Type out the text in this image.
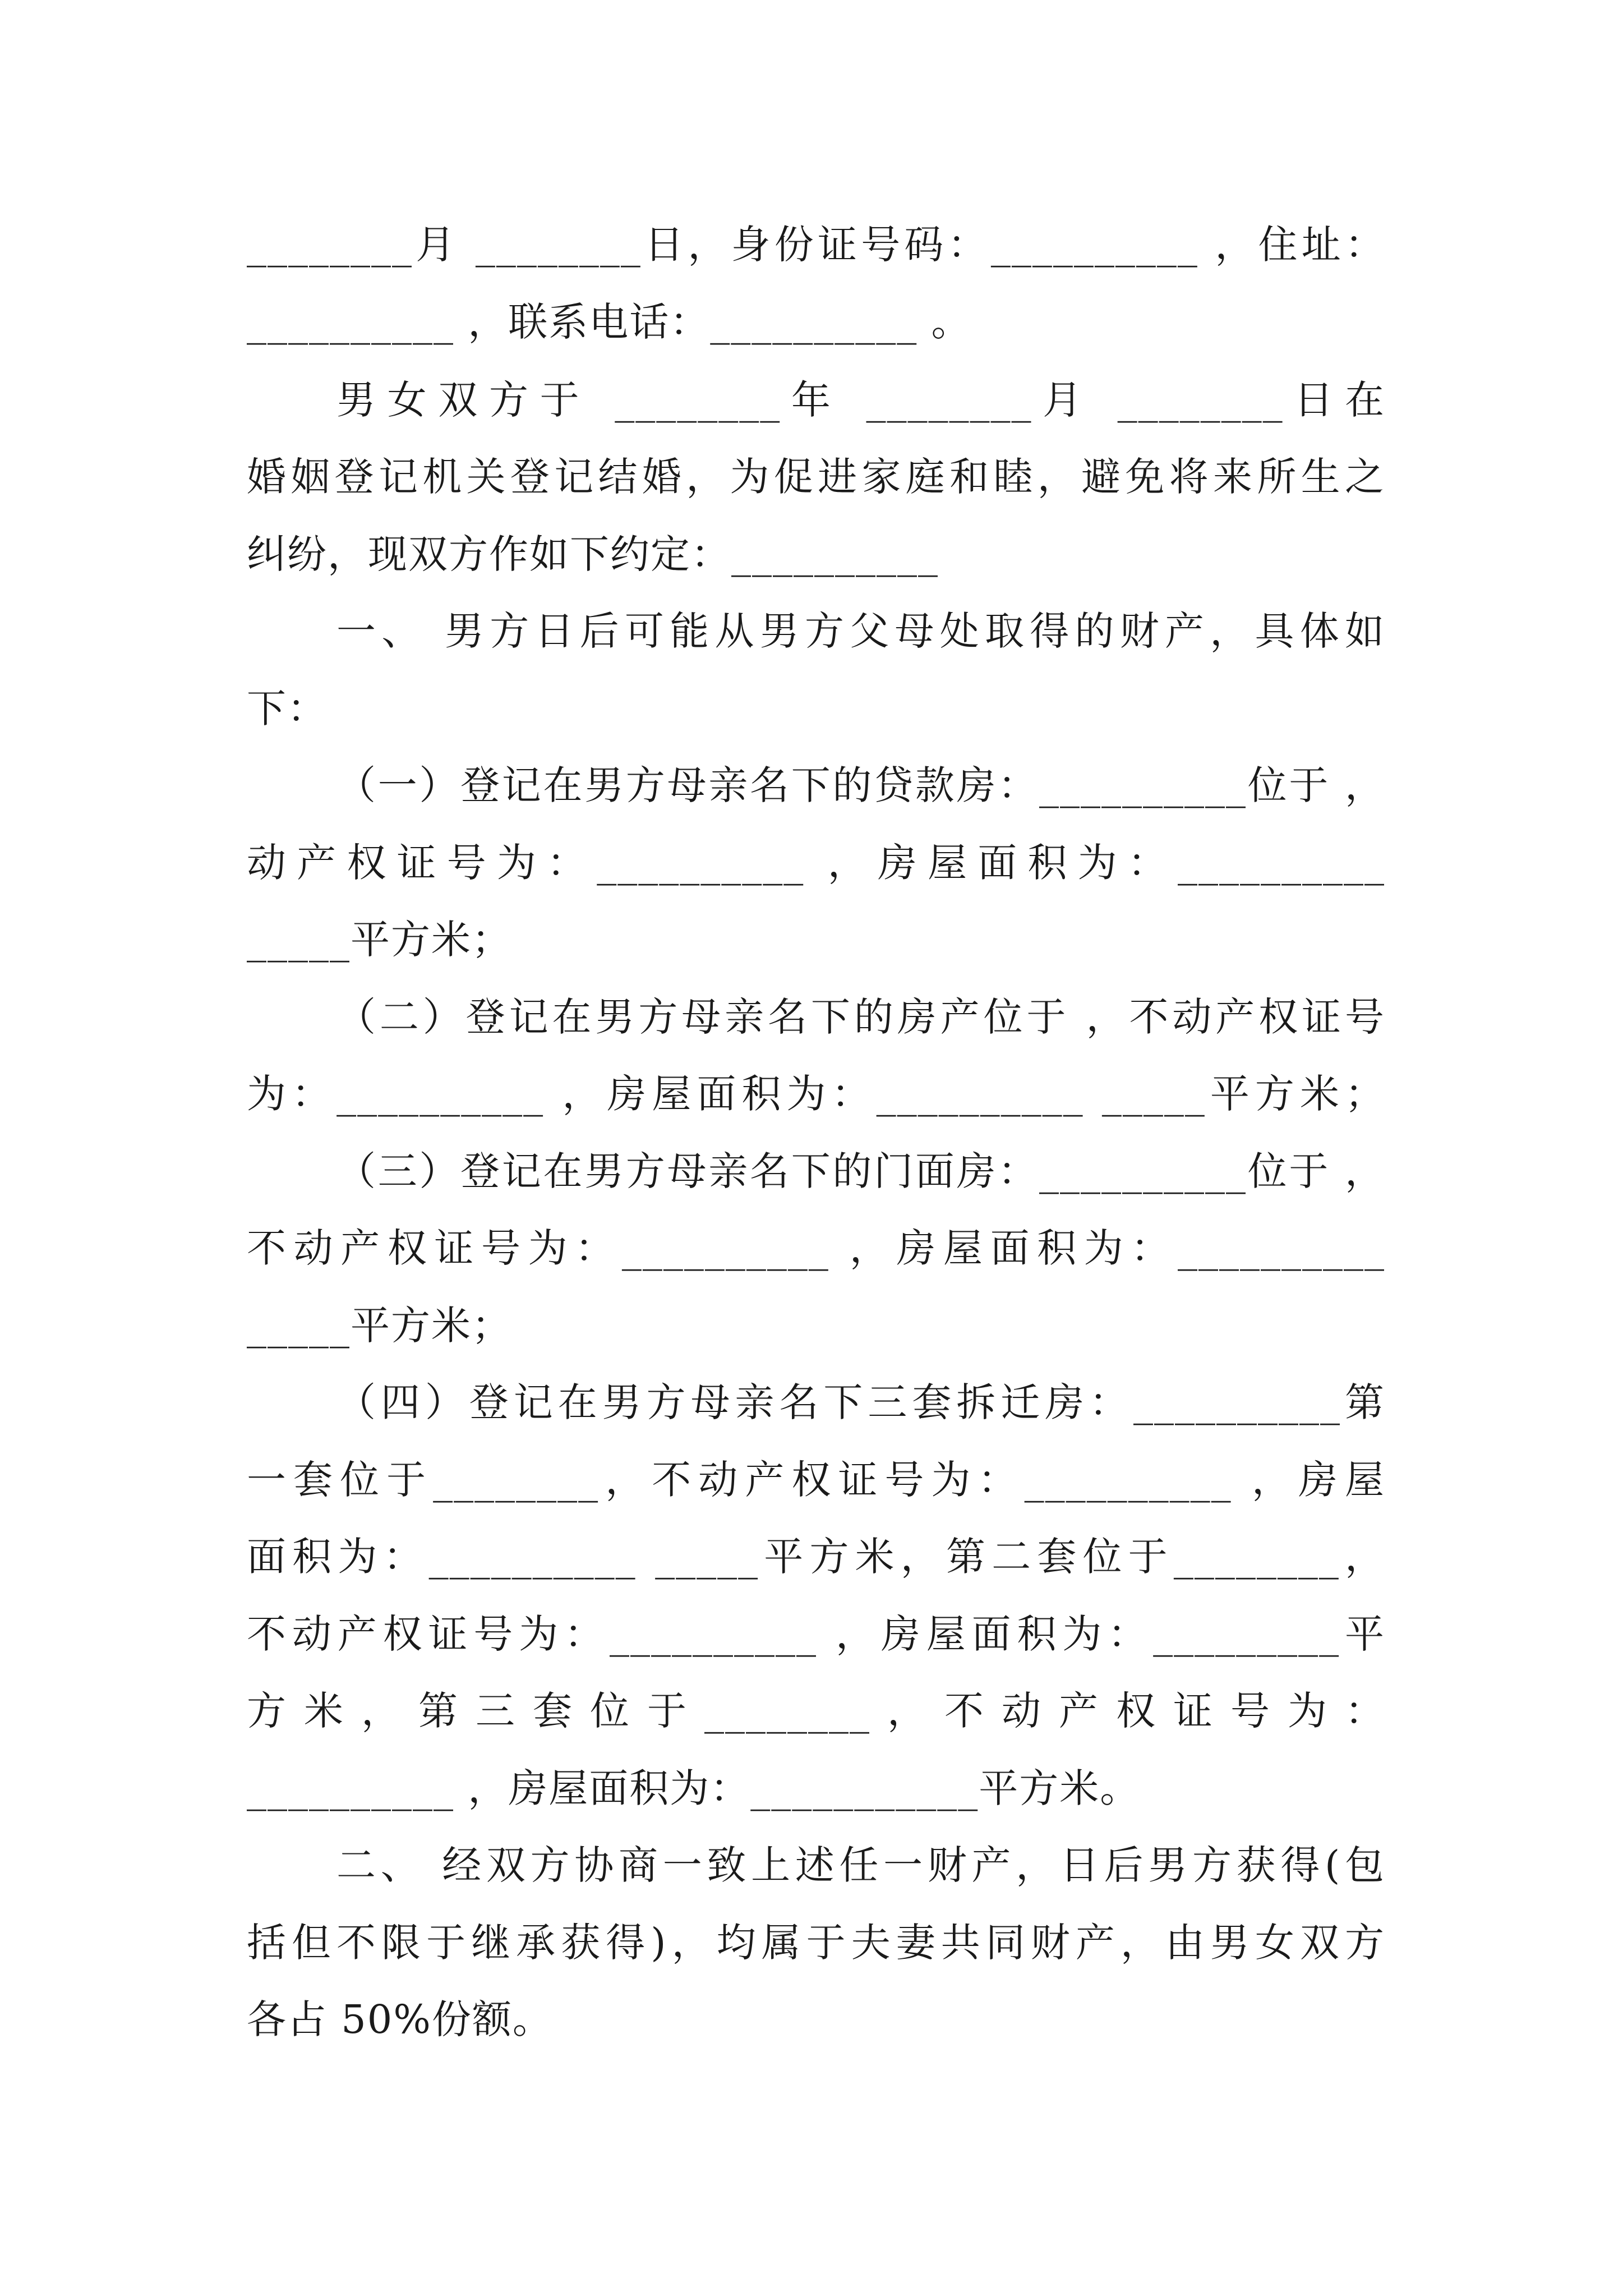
________月 ________日，身份证号码：__________ ，住址：
__________ ，联系电话：__________ 。
男女双方于 ________年 ________月 ________日在
婚姻登记机关登记结婚，为促进家庭和睦，避免将来所生之
纠纷，现双方作如下约定：__________
一、 男方日后可能从男方父母处取得的财产，具体如
下：
（一）登记在男方母亲名下的贷款房：__________位于 ，
动产权证号为：__________ ，房屋面积为：__________
_____平方米；
（二）登记在男方母亲名下的房产位于 ，不动产权证号
为：__________ ，房屋面积为：__________ _____平方米；
（三）登记在男方母亲名下的门面房：__________位于 ，
不动产权证号为：__________ ，房屋面积为：__________
_____平方米；
（四）登记在男方母亲名下三套拆迁房：__________第
一套位于________，不动产权证号为：__________ ，房屋
面积为：__________ _____平方米，第二套位于________，
不动产权证号为：__________ ，房屋面积为：_________平
方米，第三套位于________，不动产权证号为：
__________ ，房屋面积为：___________平方米。
二、 经双方协商一致上述任一财产，日后男方获得(包
括但不限于继承获得)，均属于夫妻共同财产，由男女双方
各占 50%份额。
